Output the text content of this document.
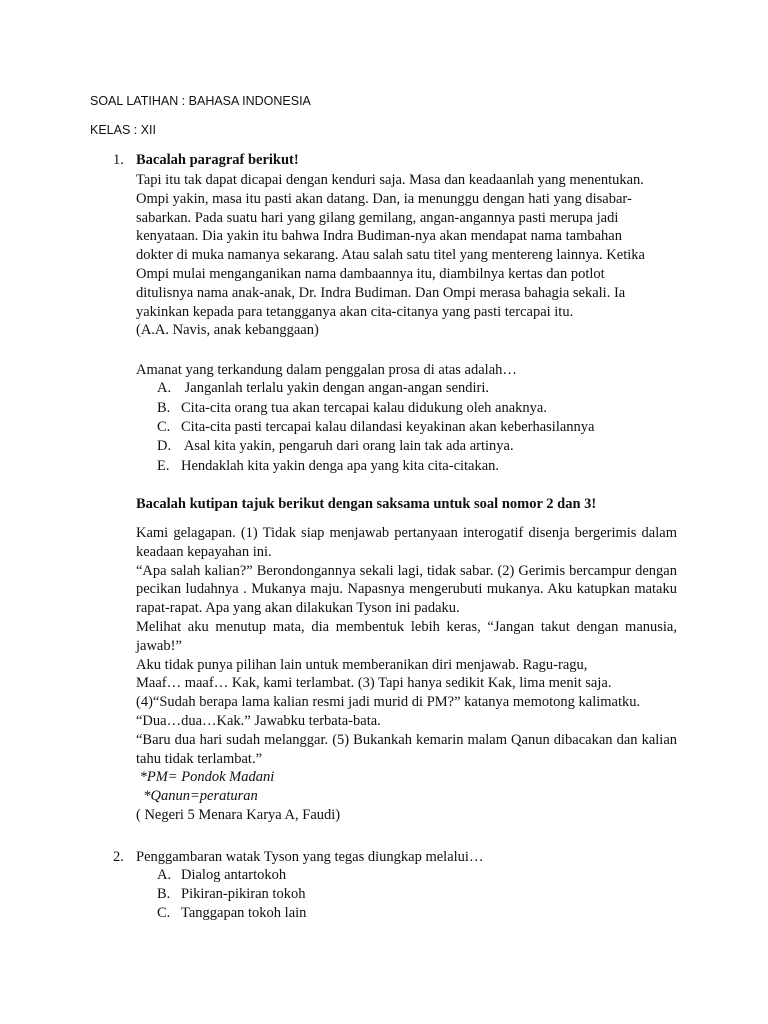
SOAL LATIHAN : BAHASA INDONESIA
KELAS : XII
1. Bacalah paragraf berikut!
Tapi itu tak dapat dicapai dengan kenduri saja. Masa dan keadaanlah yang menentukan.
Ompi yakin, masa itu pasti akan datang. Dan, ia menunggu dengan hati yang disabar-
sabarkan. Pada suatu hari yang gilang gemilang, angan-angannya pasti merupa jadi
kenyataan. Dia yakin itu bahwa Indra Budiman-nya akan mendapat nama tambahan
dokter di muka namanya sekarang. Atau salah satu titel yang mentereng lainnya. Ketika
Ompi mulai menganganikan nama dambaannya itu, diambilnya kertas dan potlot
ditulisnya nama anak-anak, Dr. Indra Budiman. Dan Ompi merasa bahagia sekali. Ia
yakinkan kepada para tetangganya akan cita-citanya yang pasti tercapai itu.
(A.A. Navis, anak kebanggaan)
Amanat yang terkandung dalam penggalan prosa di atas adalah…
A. Janganlah terlalu yakin dengan angan-angan sendiri.
B. Cita-cita orang tua akan tercapai kalau didukung oleh anaknya.
C. Cita-cita pasti tercapai kalau dilandasi keyakinan akan keberhasilannya
D. Asal kita yakin, pengaruh dari orang lain tak ada artinya.
E. Hendaklah kita yakin denga apa yang kita cita-citakan.
Bacalah kutipan tajuk berikut dengan saksama untuk soal nomor 2 dan 3!
Kami gelagapan. (1) Tidak siap menjawab pertanyaan interogatif disenja bergerimis dalam keadaan kepayahan ini.
“Apa salah kalian?” Berondongannya sekali lagi, tidak sabar. (2) Gerimis bercampur dengan pecikan ludahnya . Mukanya maju. Napasnya mengerubuti mukanya. Aku katupkan mataku rapat-rapat. Apa yang akan dilakukan Tyson ini padaku.
Melihat aku menutup mata, dia membentuk lebih keras, “Jangan takut dengan manusia, jawab!”
Aku tidak punya pilihan lain untuk memberanikan diri menjawab. Ragu-ragu,
Maaf… maaf… Kak, kami terlambat. (3) Tapi hanya sedikit Kak, lima menit saja.
(4)“Sudah berapa lama kalian resmi jadi murid di PM?” katanya memotong kalimatku.
“Dua…dua…Kak.” Jawabku terbata-bata.
“Baru dua hari sudah melanggar. (5) Bukankah kemarin malam Qanun dibacakan dan kalian tahu tidak terlambat.”
*PM= Pondok Madani
*Qanun=peraturan
( Negeri 5 Menara Karya A, Faudi)
2. Penggambaran watak Tyson yang tegas diungkap melalui…
A. Dialog antartokoh
B. Pikiran-pikiran tokoh
C. Tanggapan tokoh lain
